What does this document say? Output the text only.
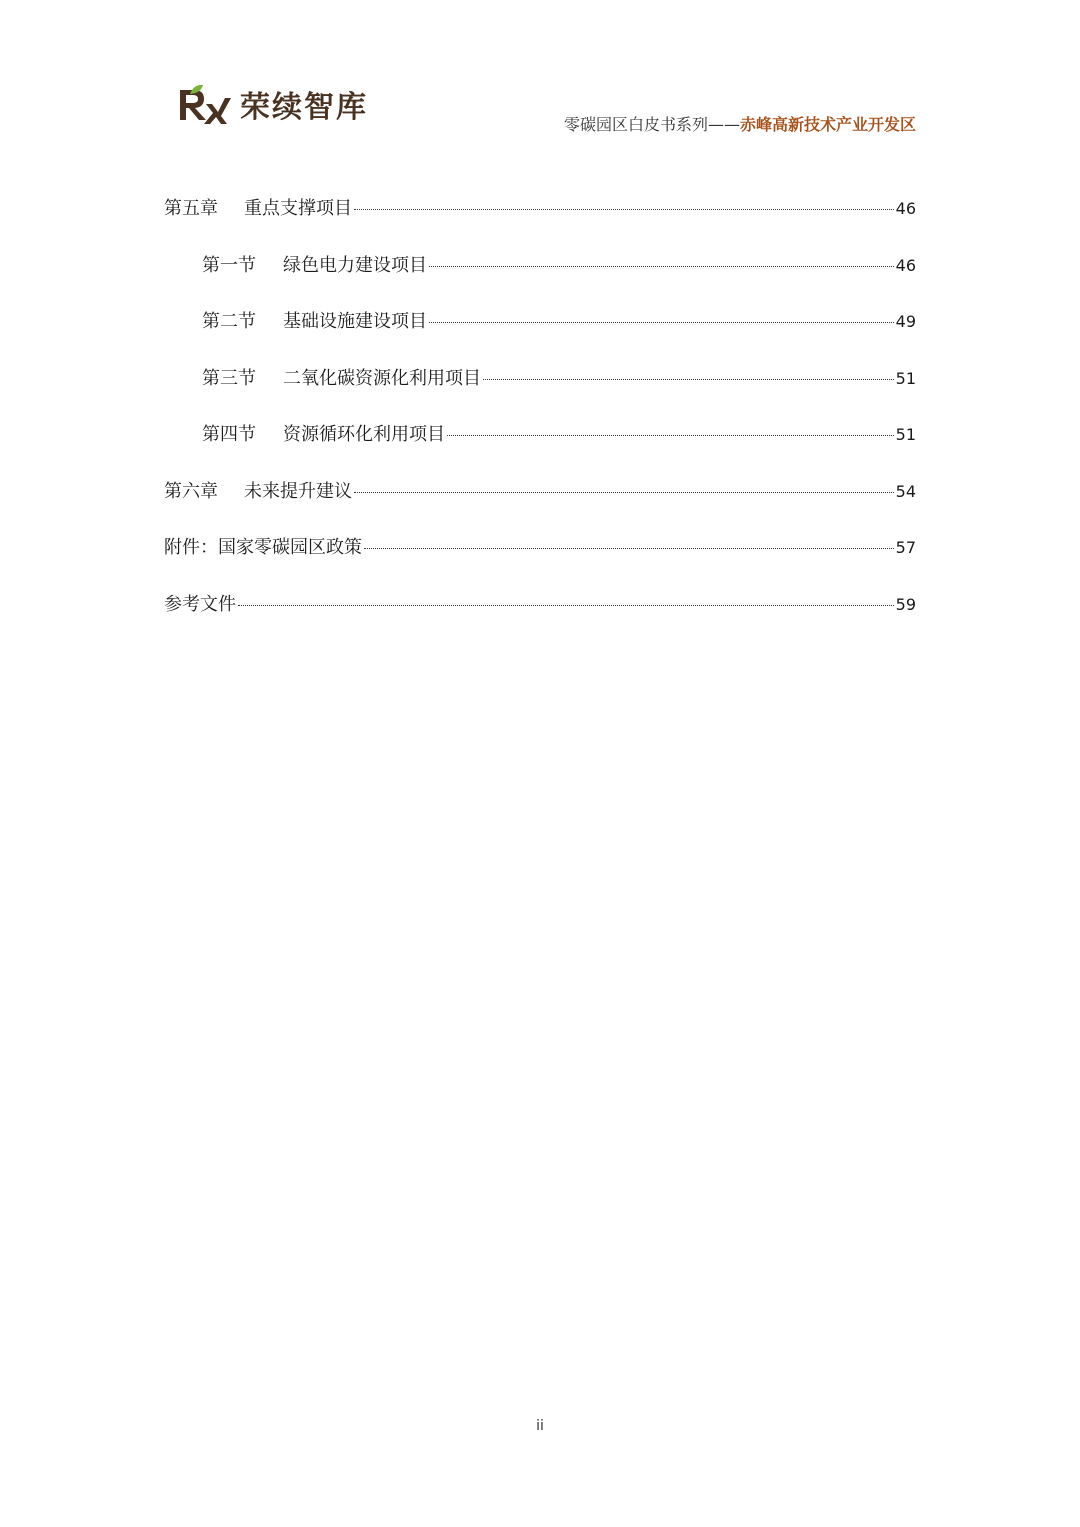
荣续智库	零碳园区白皮书系列——赤峰高新技术产业开发区
第五章	重点支撑项目	46
第一节	绿色电力建设项目	46
第二节	基础设施建设项目	49
第三节	二氧化碳资源化利用项目	51
第四节	资源循环化利用项目	51
第六章	未来提升建议	54
附件：国家零碳园区政策	57
参考文件	59
ii
